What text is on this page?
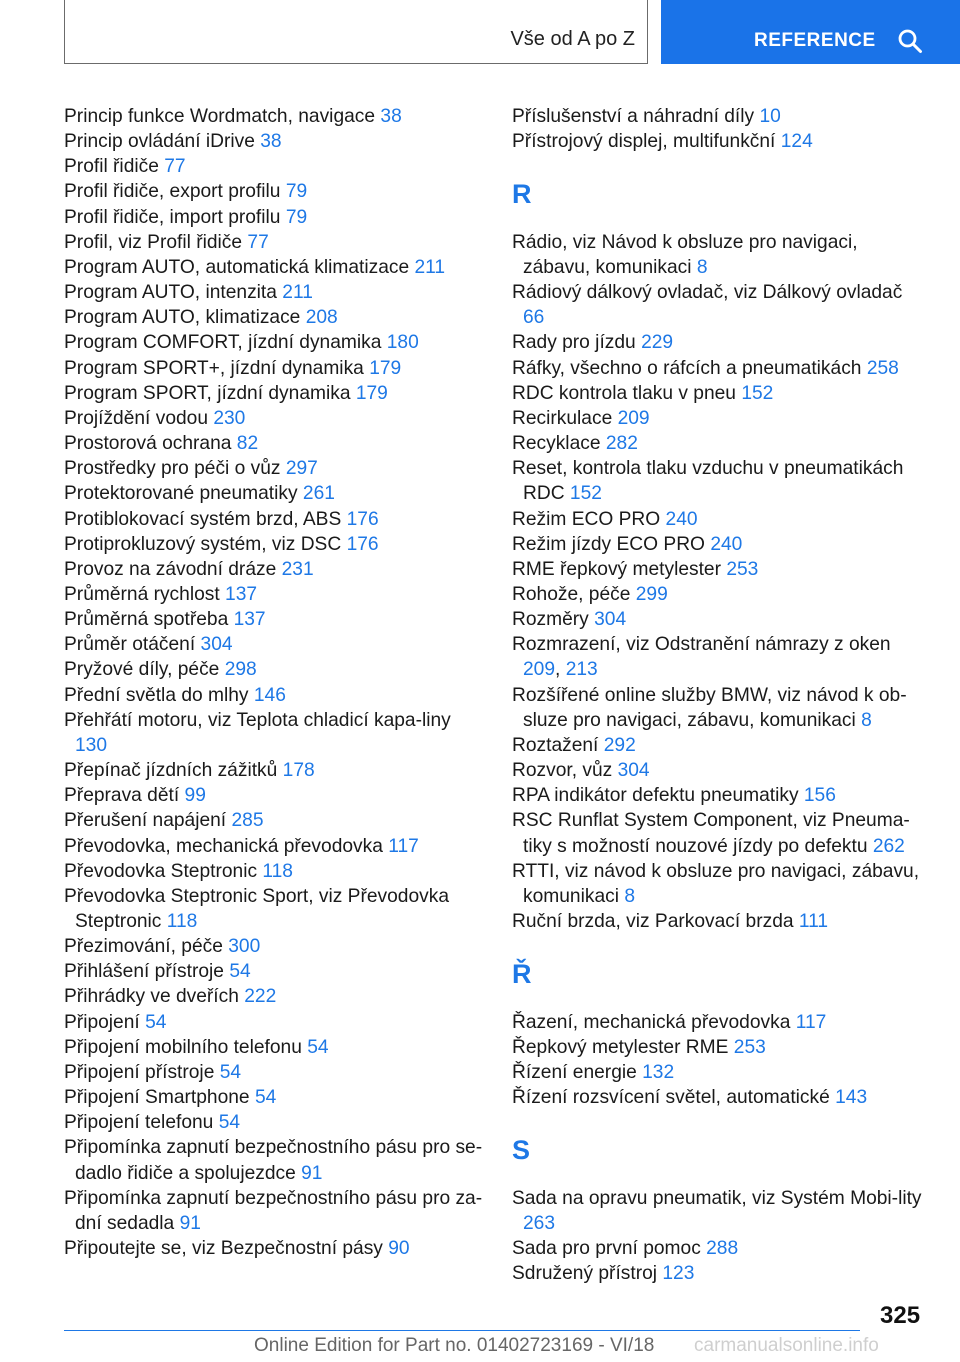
Vše od A po Z	REFERENCE
Princip funkce Wordmatch, navigace 38
Princip ovládání iDrive 38
Profil řidiče 77
Profil řidiče, export profilu 79
Profil řidiče, import profilu 79
Profil, viz Profil řidiče 77
Program AUTO, automatická klimatizace 211
Program AUTO, intenzita 211
Program AUTO, klimatizace 208
Program COMFORT, jízdní dynamika 180
Program SPORT+, jízdní dynamika 179
Program SPORT, jízdní dynamika 179
Projíždění vodou 230
Prostorová ochrana 82
Prostředky pro péči o vůz 297
Protektorované pneumatiky 261
Protiblokovací systém brzd, ABS 176
Protiprokluzový systém, viz DSC 176
Provoz na závodní dráze 231
Průměrná rychlost 137
Průměrná spotřeba 137
Průměr otáčení 304
Pryžové díly, péče 298
Přední světla do mlhy 146
Přehřátí motoru, viz Teplota chladicí kapa-liny 130
Přepínač jízdních zážitků 178
Přeprava dětí 99
Přerušení napájení 285
Převodovka, mechanická převodovka 117
Převodovka Steptronic 118
Převodovka Steptronic Sport, viz Převodovka Steptronic 118
Přezimování, péče 300
Přihlášení přístroje 54
Přihrádky ve dveřích 222
Připojení 54
Připojení mobilního telefonu 54
Připojení přístroje 54
Připojení Smartphone 54
Připojení telefonu 54
Připomínka zapnutí bezpečnostního pásu pro se-dadlo řidiče a spolujezdce 91
Připomínka zapnutí bezpečnostního pásu pro za-dní sedadla 91
Připoutejte se, viz Bezpečnostní pásy 90
Příslušenství a náhradní díly 10
Přístrojový displej, multifunkční 124
R
Rádio, viz Návod k obsluze pro navigaci, zábavu, komunikaci 8
Rádiový dálkový ovladač, viz Dálkový ovladač 66
Rady pro jízdu 229
Ráfky, všechno o ráfcích a pneumatikách 258
RDC kontrola tlaku v pneu 152
Recirkulace 209
Recyklace 282
Reset, kontrola tlaku vzduchu v pneumatikách RDC 152
Režim ECO PRO 240
Režim jízdy ECO PRO 240
RME řepkový metylester 253
Rohože, péče 299
Rozměry 304
Rozmrazení, viz Odstranění námrazy z oken 209, 213
Rozšířené online služby BMW, viz návod k ob-sluze pro navigaci, zábavu, komunikaci 8
Roztažení 292
Rozvor, vůz 304
RPA indikátor defektu pneumatiky 156
RSC Runflat System Component, viz Pneuma-tiky s možností nouzové jízdy po defektu 262
RTTI, viz návod k obsluze pro navigaci, zábavu, komunikaci 8
Ruční brzda, viz Parkovací brzda 111
Ř
Řazení, mechanická převodovka 117
Řepkový metylester RME 253
Řízení energie 132
Řízení rozsvícení světel, automatické 143
S
Sada na opravu pneumatik, viz Systém Mobi-lity 263
Sada pro první pomoc 288
Sdružený přístroj 123
325
Online Edition for Part no. 01402723169 - VI/18 carmanualsonline.info
